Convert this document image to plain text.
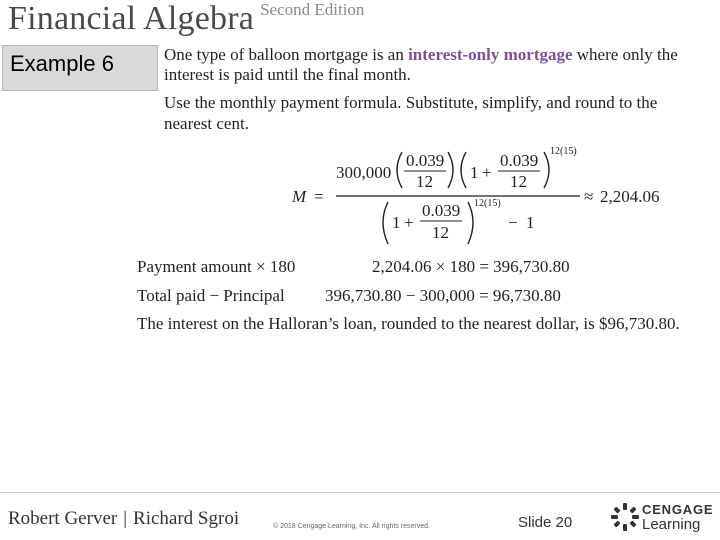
Financial Algebra Second Edition
Example 6	One type of balloon mortgage is an interest-only mortgage where only the
interest is paid until the final month.
Use the monthly payment formula. Substitute, simplify, and round to the
nearest cent.
M =
300,000
0.039
12 1 +
0.039
12
12(15)
1 +
0.039
12
12(15)
− 1
≈ 2,204.06
Payment amount × 180	2,204.06 × 180 = 396,730.80
Total paid − Principal 396,730.80 − 300,000 = 96,730.80
The interest on the Halloran’s loan, rounded to the nearest dollar, is $96,730.80.
Robert Gerver | Richard Sgroi	© 2018 Cengage Learning, Inc. All rights reserved.	Slide 20
CENGAGE
Learning
